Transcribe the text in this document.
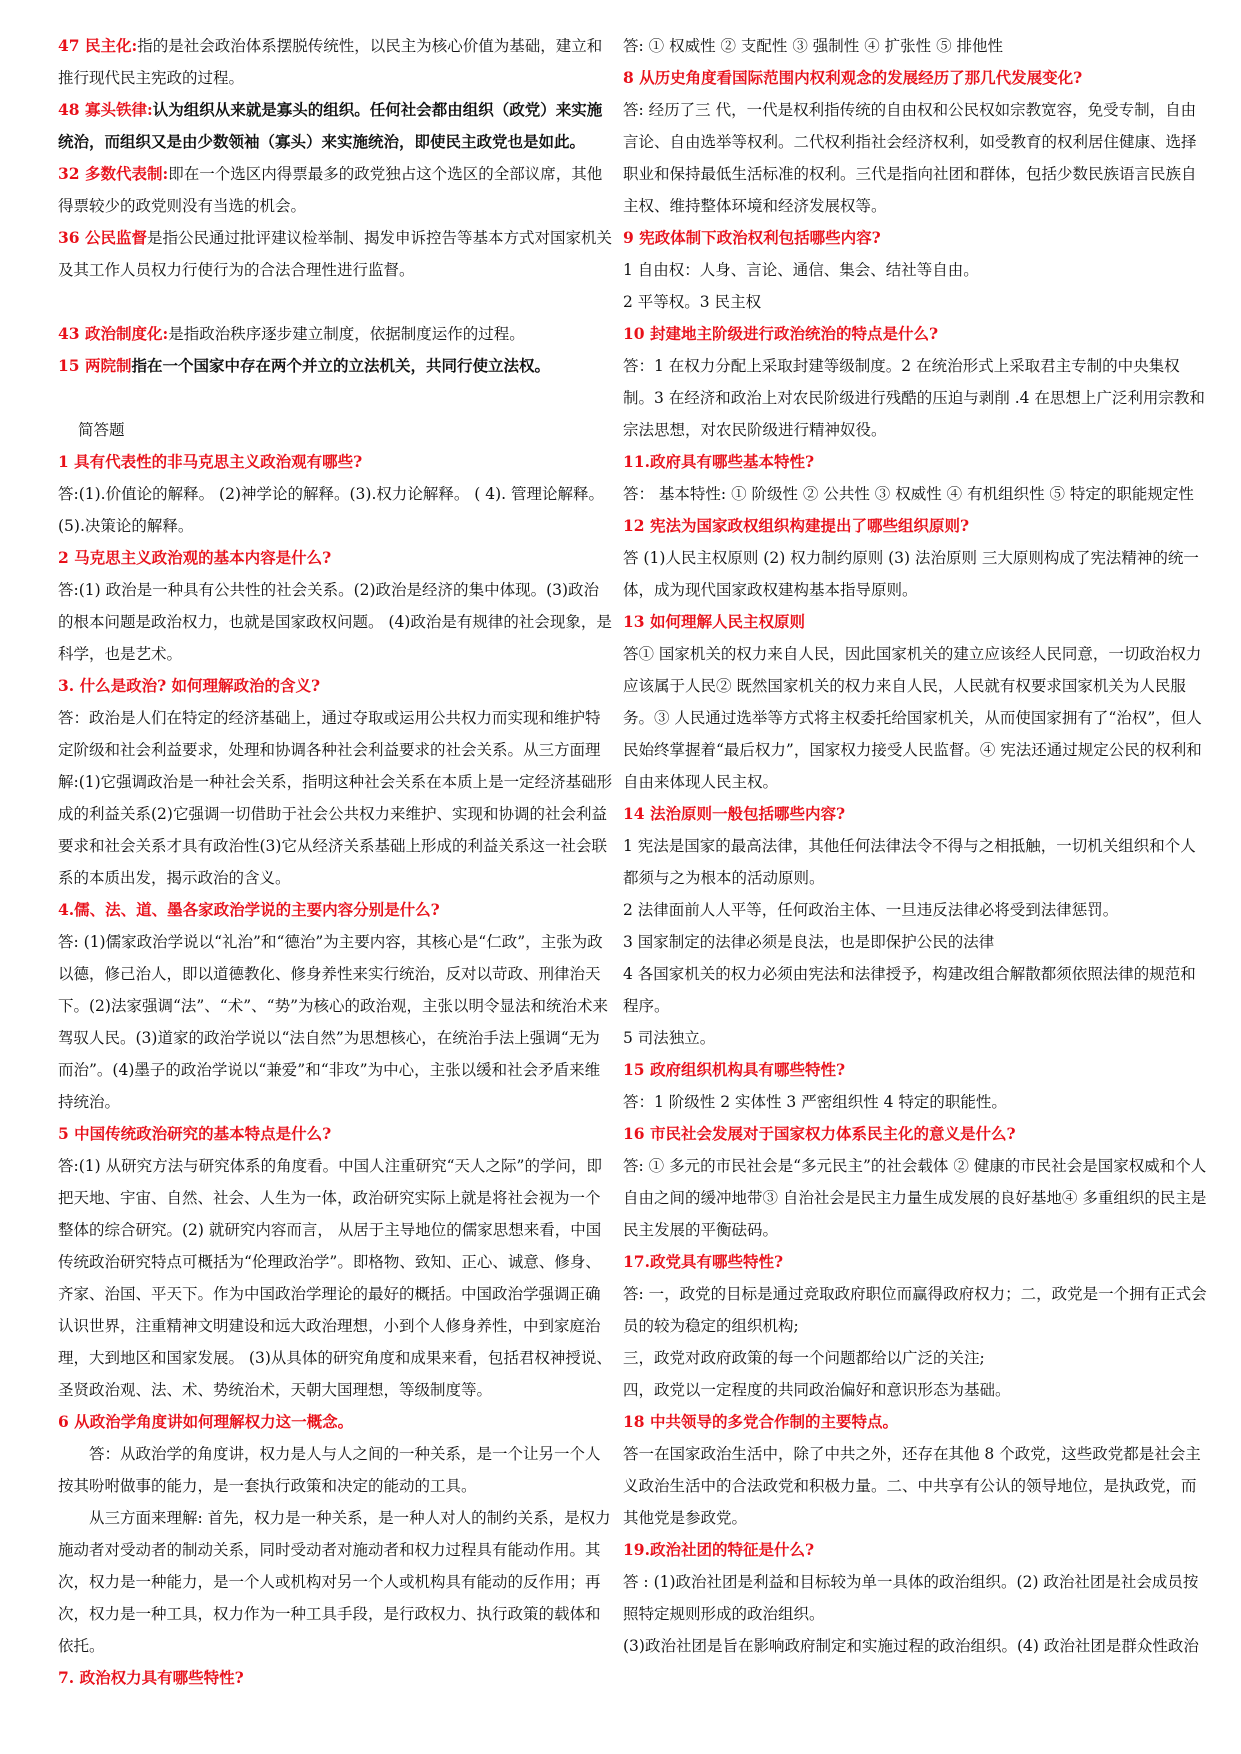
47 民主化:指的是社会政治体系摆脱传统性，以民主为核心价值为基础，建立和推行现代民主宪政的过程。

48 寡头铁律:认为组织从来就是寡头的组织。任何社会都由组织（政党）来实施统治，而组织又是由少数领袖（寡头）来实施统治，即使民主政党也是如此。

32 多数代表制:即在一个选区内得票最多的政党独占这个选区的全部议席，其他得票较少的政党则没有当选的机会。

36 公民监督是指公民通过批评建议检举制、揭发申诉控告等基本方式对国家机关及其工作人员权力行使行为的合法合理性进行监督。

43 政治制度化:是指政治秩序逐步建立制度，依据制度运作的过程。

15 两院制指在一个国家中存在两个并立的立法机关，共同行使立法权。

简答题

1 具有代表性的非马克思主义政治观有哪些?

答:(1).价值论的解释。 (2)神学论的解释。(3).权力论解释。 ( 4). 管理论解释。(5).决策论的解释。

2 马克思主义政治观的基本内容是什么?

答:(1) 政治是一种具有公共性的社会关系。(2)政治是经济的集中体现。(3)政治的根本问题是政治权力，也就是国家政权问题。 (4)政治是有规律的社会现象，是科学，也是艺术。

3. 什么是政治? 如何理解政治的含义?

答：政治是人们在特定的经济基础上，通过夺取或运用公共权力而实现和维护特定阶级和社会利益要求，处理和协调各种社会利益要求的社会关系。从三方面理解:(1)它强调政治是一种社会关系，指明这种社会关系在本质上是一定经济基础形成的利益关系(2)它强调一切借助于社会公共权力来维护、实现和协调的社会利益要求和社会关系才具有政治性(3)它从经济关系基础上形成的利益关系这一社会联系的本质出发，揭示政治的含义。

4.儒、法、道、墨各家政治学说的主要内容分别是什么?

答: (1)儒家政治学说以“礼治”和“德治”为主要内容，其核心是“仁政”，主张为政以德，修己治人，即以道德教化、修身养性来实行统治，反对以苛政、刑律治天下。(2)法家强调“法”、“术”、“势”为核心的政治观，主张以明令显法和统治术来驾驭人民。(3)道家的政治学说以“法自然”为思想核心，在统治手法上强调“无为而治”。(4)墨子的政治学说以“兼爱”和“非攻”为中心，主张以缓和社会矛盾来维持统治。

5 中国传统政治研究的基本特点是什么?

答:(1) 从研究方法与研究体系的角度看。中国人注重研究“天人之际”的学问，即把天地、宇宙、自然、社会、人生为一体，政治研究实际上就是将社会视为一个整体的综合研究。(2) 就研究内容而言， 从居于主导地位的儒家思想来看，中国传统政治研究特点可概括为“伦理政治学”。即格物、致知、正心、诚意、修身、齐家、治国、平天下。作为中国政治学理论的最好的概括。中国政治学强调正确认识世界，注重精神文明建设和远大政治理想，小到个人修身养性，中到家庭治理，大到地区和国家发展。 (3)从具体的研究角度和成果来看，包括君权神授说、圣贤政治观、法、术、势统治术，天朝大国理想，等级制度等。

6 从政治学角度讲如何理解权力这一概念。

答：从政治学的角度讲，权力是人与人之间的一种关系，是一个让另一个人按其吩咐做事的能力，是一套执行政策和决定的能动的工具。

从三方面来理解: 首先，权力是一种关系，是一种人对人的制约关系，是权力施动者对受动者的制动关系，同时受动者对施动者和权力过程具有能动作用。其次，权力是一种能力，是一个人或机构对另一个人或机构具有能动的反作用；再次，权力是一种工具，权力作为一种工具手段，是行政权力、执行政策的载体和依托。

7. 政治权力具有哪些特性?

答: ① 权威性 ② 支配性 ③ 强制性 ④ 扩张性 ⑤ 排他性

8 从历史角度看国际范围内权利观念的发展经历了那几代发展变化?

答: 经历了三 代，一代是权利指传统的自由权和公民权如宗教宽容，免受专制，自由言论、自由选举等权利。二代权利指社会经济权利，如受教育的权利居住健康、选择职业和保持最低生活标准的权利。三代是指向社团和群体，包括少数民族语言民族自主权、维持整体环境和经济发展权等。

9 宪政体制下政治权利包括哪些内容?

1 自由权：人身、言论、通信、集会、结社等自由。

2 平等权。3 民主权

10 封建地主阶级进行政治统治的特点是什么?

答：1 在权力分配上采取封建等级制度。2 在统治形式上采取君主专制的中央集权制。3 在经济和政治上对农民阶级进行残酷的压迫与剥削 .4 在思想上广泛利用宗教和宗法思想，对农民阶级进行精神奴役。

11.政府具有哪些基本特性?

答： 基本特性: ① 阶级性 ② 公共性 ③ 权威性 ④ 有机组织性 ⑤ 特定的职能规定性

12 宪法为国家政权组织构建提出了哪些组织原则?

答 (1)人民主权原则 (2) 权力制约原则 (3) 法治原则 三大原则构成了宪法精神的统一体，成为现代国家政权建构基本指导原则。

13 如何理解人民主权原则

答① 国家机关的权力来自人民，因此国家机关的建立应该经人民同意，一切政治权力应该属于人民② 既然国家机关的权力来自人民，人民就有权要求国家机关为人民服务。③ 人民通过选举等方式将主权委托给国家机关，从而使国家拥有了“治权”，但人民始终掌握着“最后权力”，国家权力接受人民监督。④ 宪法还通过规定公民的权利和自由来体现人民主权。

14 法治原则一般包括哪些内容?

1 宪法是国家的最高法律，其他任何法律法令不得与之相抵触，一切机关组织和个人都须与之为根本的活动原则。

2 法律面前人人平等，任何政治主体、一旦违反法律必将受到法律惩罚。

3 国家制定的法律必须是良法，也是即保护公民的法律

4 各国家机关的权力必须由宪法和法律授予，构建改组合解散都须依照法律的规范和程序。

5 司法独立。

15 政府组织机构具有哪些特性?

答：1 阶级性 2 实体性 3 严密组织性 4 特定的职能性。

16 市民社会发展对于国家权力体系民主化的意义是什么?

答: ① 多元的市民社会是“多元民主”的社会载体 ② 健康的市民社会是国家权威和个人自由之间的缓冲地带③ 自治社会是民主力量生成发展的良好基地④ 多重组织的民主是民主发展的平衡砝码。

17.政党具有哪些特性?

答: 一，政党的目标是通过竞取政府职位而赢得政府权力；二，政党是一个拥有正式会员的较为稳定的组织机构;

三，政党对政府政策的每一个问题都给以广泛的关注;

四，政党以一定程度的共同政治偏好和意识形态为基础。

18 中共领导的多党合作制的主要特点。

答一在国家政治生活中，除了中共之外，还存在其他 8 个政党，这些政党都是社会主义政治生活中的合法政党和积极力量。二、中共享有公认的领导地位，是执政党，而其他党是参政党。

19.政治社团的特征是什么?

答 : (1)政治社团是利益和目标较为单一具体的政治组织。(2) 政治社团是社会成员按照特定规则形成的政治组织。

(3)政治社团是旨在影响政府制定和实施过程的政治组织。(4) 政治社团是群众性政治
